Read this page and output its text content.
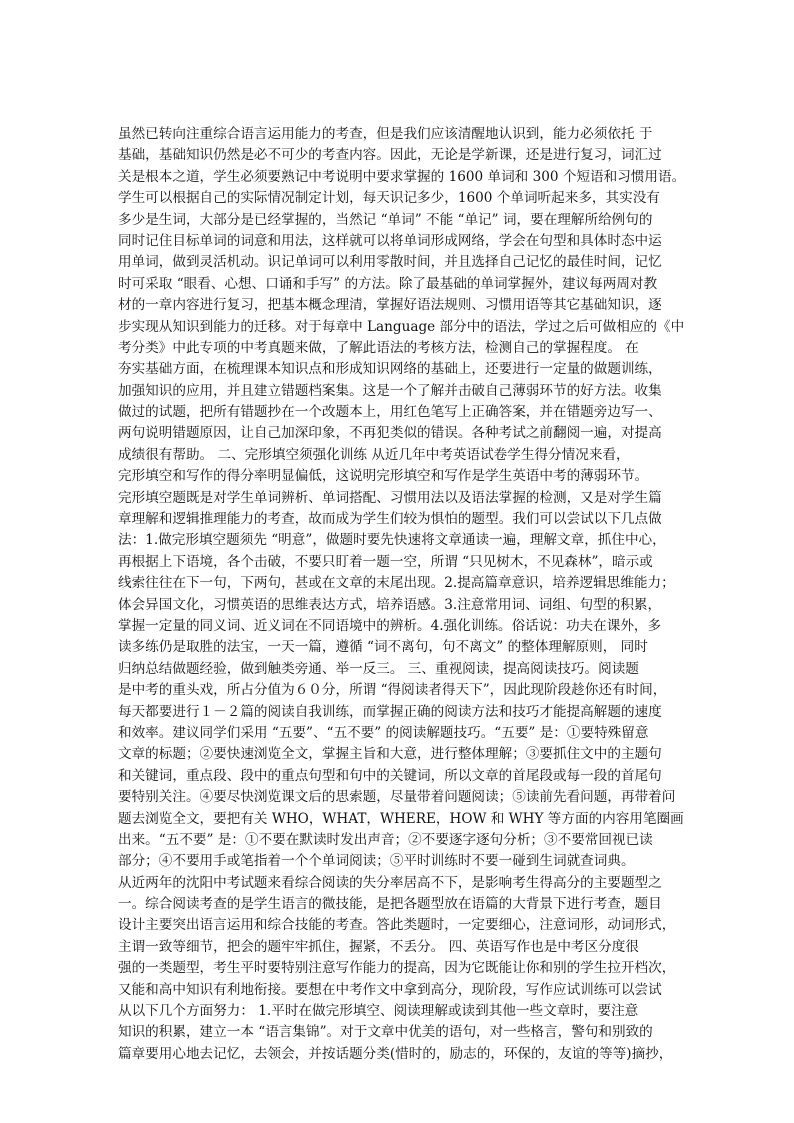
虽然已转向注重综合语言运用能力的考查，但是我们应该清醒地认识到，能力必须依托 于
基础，基础知识仍然是必不可少的考查内容。因此，无论是学新课，还是进行复习，词汇过
关是根本之道，学生必须要熟记中考说明中要求掌握的 1600 单词和 300 个短语和习惯用语。
学生可以根据自己的实际情况制定计划，每天识记多少，1600 个单词听起来多，其实没有
多少是生词，大部分是已经掌握的，当然记 “单词” 不能 “单记” 词，要在理解所给例句的
同时记住目标单词的词意和用法，这样就可以将单词形成网络，学会在句型和具体时态中运
用单词，做到灵活机动。识记单词可以利用零散时间，并且选择自己记忆的最佳时间，记忆
时可采取 “眼看、心想、口诵和手写” 的方法。除了最基础的单词掌握外，建议每两周对教
材的一章内容进行复习，把基本概念理清，掌握好语法规则、习惯用语等其它基础知识，逐
步实现从知识到能力的迁移。对于每章中 Language 部分中的语法，学过之后可做相应的《中
考分类》中此专项的中考真题来做，了解此语法的考核方法，检测自己的掌握程度。 在
夯实基础方面，在梳理课本知识点和形成知识网络的基础上，还要进行一定量的做题训练，
加强知识的应用，并且建立错题档案集。这是一个了解并击破自己薄弱环节的好方法。收集
做过的试题，把所有错题抄在一个改题本上，用红色笔写上正确答案，并在错题旁边写一、
两句说明错题原因，让自己加深印象，不再犯类似的错误。各种考试之前翻阅一遍，对提高
成绩很有帮助。 二、完形填空须强化训练 从近几年中考英语试卷学生得分情况来看，
完形填空和写作的得分率明显偏低，这说明完形填空和写作是学生英语中考的薄弱环节。
完形填空题既是对学生单词辨析、单词搭配、习惯用法以及语法掌握的检测，又是对学生篇
章理解和逻辑推理能力的考查，故而成为学生们较为惧怕的题型。我们可以尝试以下几点做
法：1.做完形填空题须先 “明意”，做题时要先快速将文章通读一遍，理解文章，抓住中心，
再根据上下语境，各个击破，不要只盯着一题一空，所谓 “只见树木，不见森林”，暗示或
线索往往在下一句，下两句，甚或在文章的末尾出现。2.提高篇章意识，培养逻辑思维能力；
体会异国文化，习惯英语的思维表达方式，培养语感。3.注意常用词、词组、句型的积累，
掌握一定量的同义词、近义词在不同语境中的辨析。4.强化训练。俗话说：功夫在课外，多
读多练仍是取胜的法宝，一天一篇，遵循 “词不离句，句不离文” 的整体理解原则， 同时
归纳总结做题经验，做到触类旁通、举一反三。 三、重视阅读，提高阅读技巧。阅读题
是中考的重头戏，所占分值为６０分，所谓 “得阅读者得天下”，因此现阶段趁你还有时间，
每天都要进行１－２篇的阅读自我训练，而掌握正确的阅读方法和技巧才能提高解题的速度
和效率。建议同学们采用 “五要”、“五不要” 的阅读解题技巧。“五要” 是：①要特殊留意
文章的标题；②要快速浏览全文，掌握主旨和大意，进行整体理解；③要抓住文中的主题句
和关键词，重点段、段中的重点句型和句中的关键词，所以文章的首尾段或每一段的首尾句
要特别关注。④要尽快浏览课文后的思索题，尽量带着问题阅读；⑤读前先看问题，再带着问
题去浏览全文，要把有关 WHO，WHAT，WHERE，HOW 和 WHY 等方面的内容用笔圈画
出来。“五不要” 是：①不要在默读时发出声音；②不要逐字逐句分析；③不要常回视已读
部分；④不要用手或笔指着一个个单词阅读；⑤平时训练时不要一碰到生词就查词典。
从近两年的沈阳中考试题来看综合阅读的失分率居高不下，是影响考生得高分的主要题型之
一。综合阅读考查的是学生语言的微技能，是把各题型放在语篇的大背景下进行考查，题目
设计主要突出语言运用和综合技能的考查。答此类题时，一定要细心，注意词形，动词形式，
主谓一致等细节，把会的题牢牢抓住，握紧，不丢分。 四、英语写作也是中考区分度很
强的一类题型，考生平时要特别注意写作能力的提高，因为它既能让你和别的学生拉开档次，
又能和高中知识有利地衔接。要想在中考作文中拿到高分，现阶段，写作应试训练可以尝试
从以下几个方面努力： 1.平时在做完形填空、阅读理解或读到其他一些文章时，要注意
知识的积累，建立一本 “语言集锦”。对于文章中优美的语句，对一些格言，警句和别致的
篇章要用心地去记忆，去领会，并按话题分类(惜时的，励志的，环保的，友谊的等等)摘抄，
